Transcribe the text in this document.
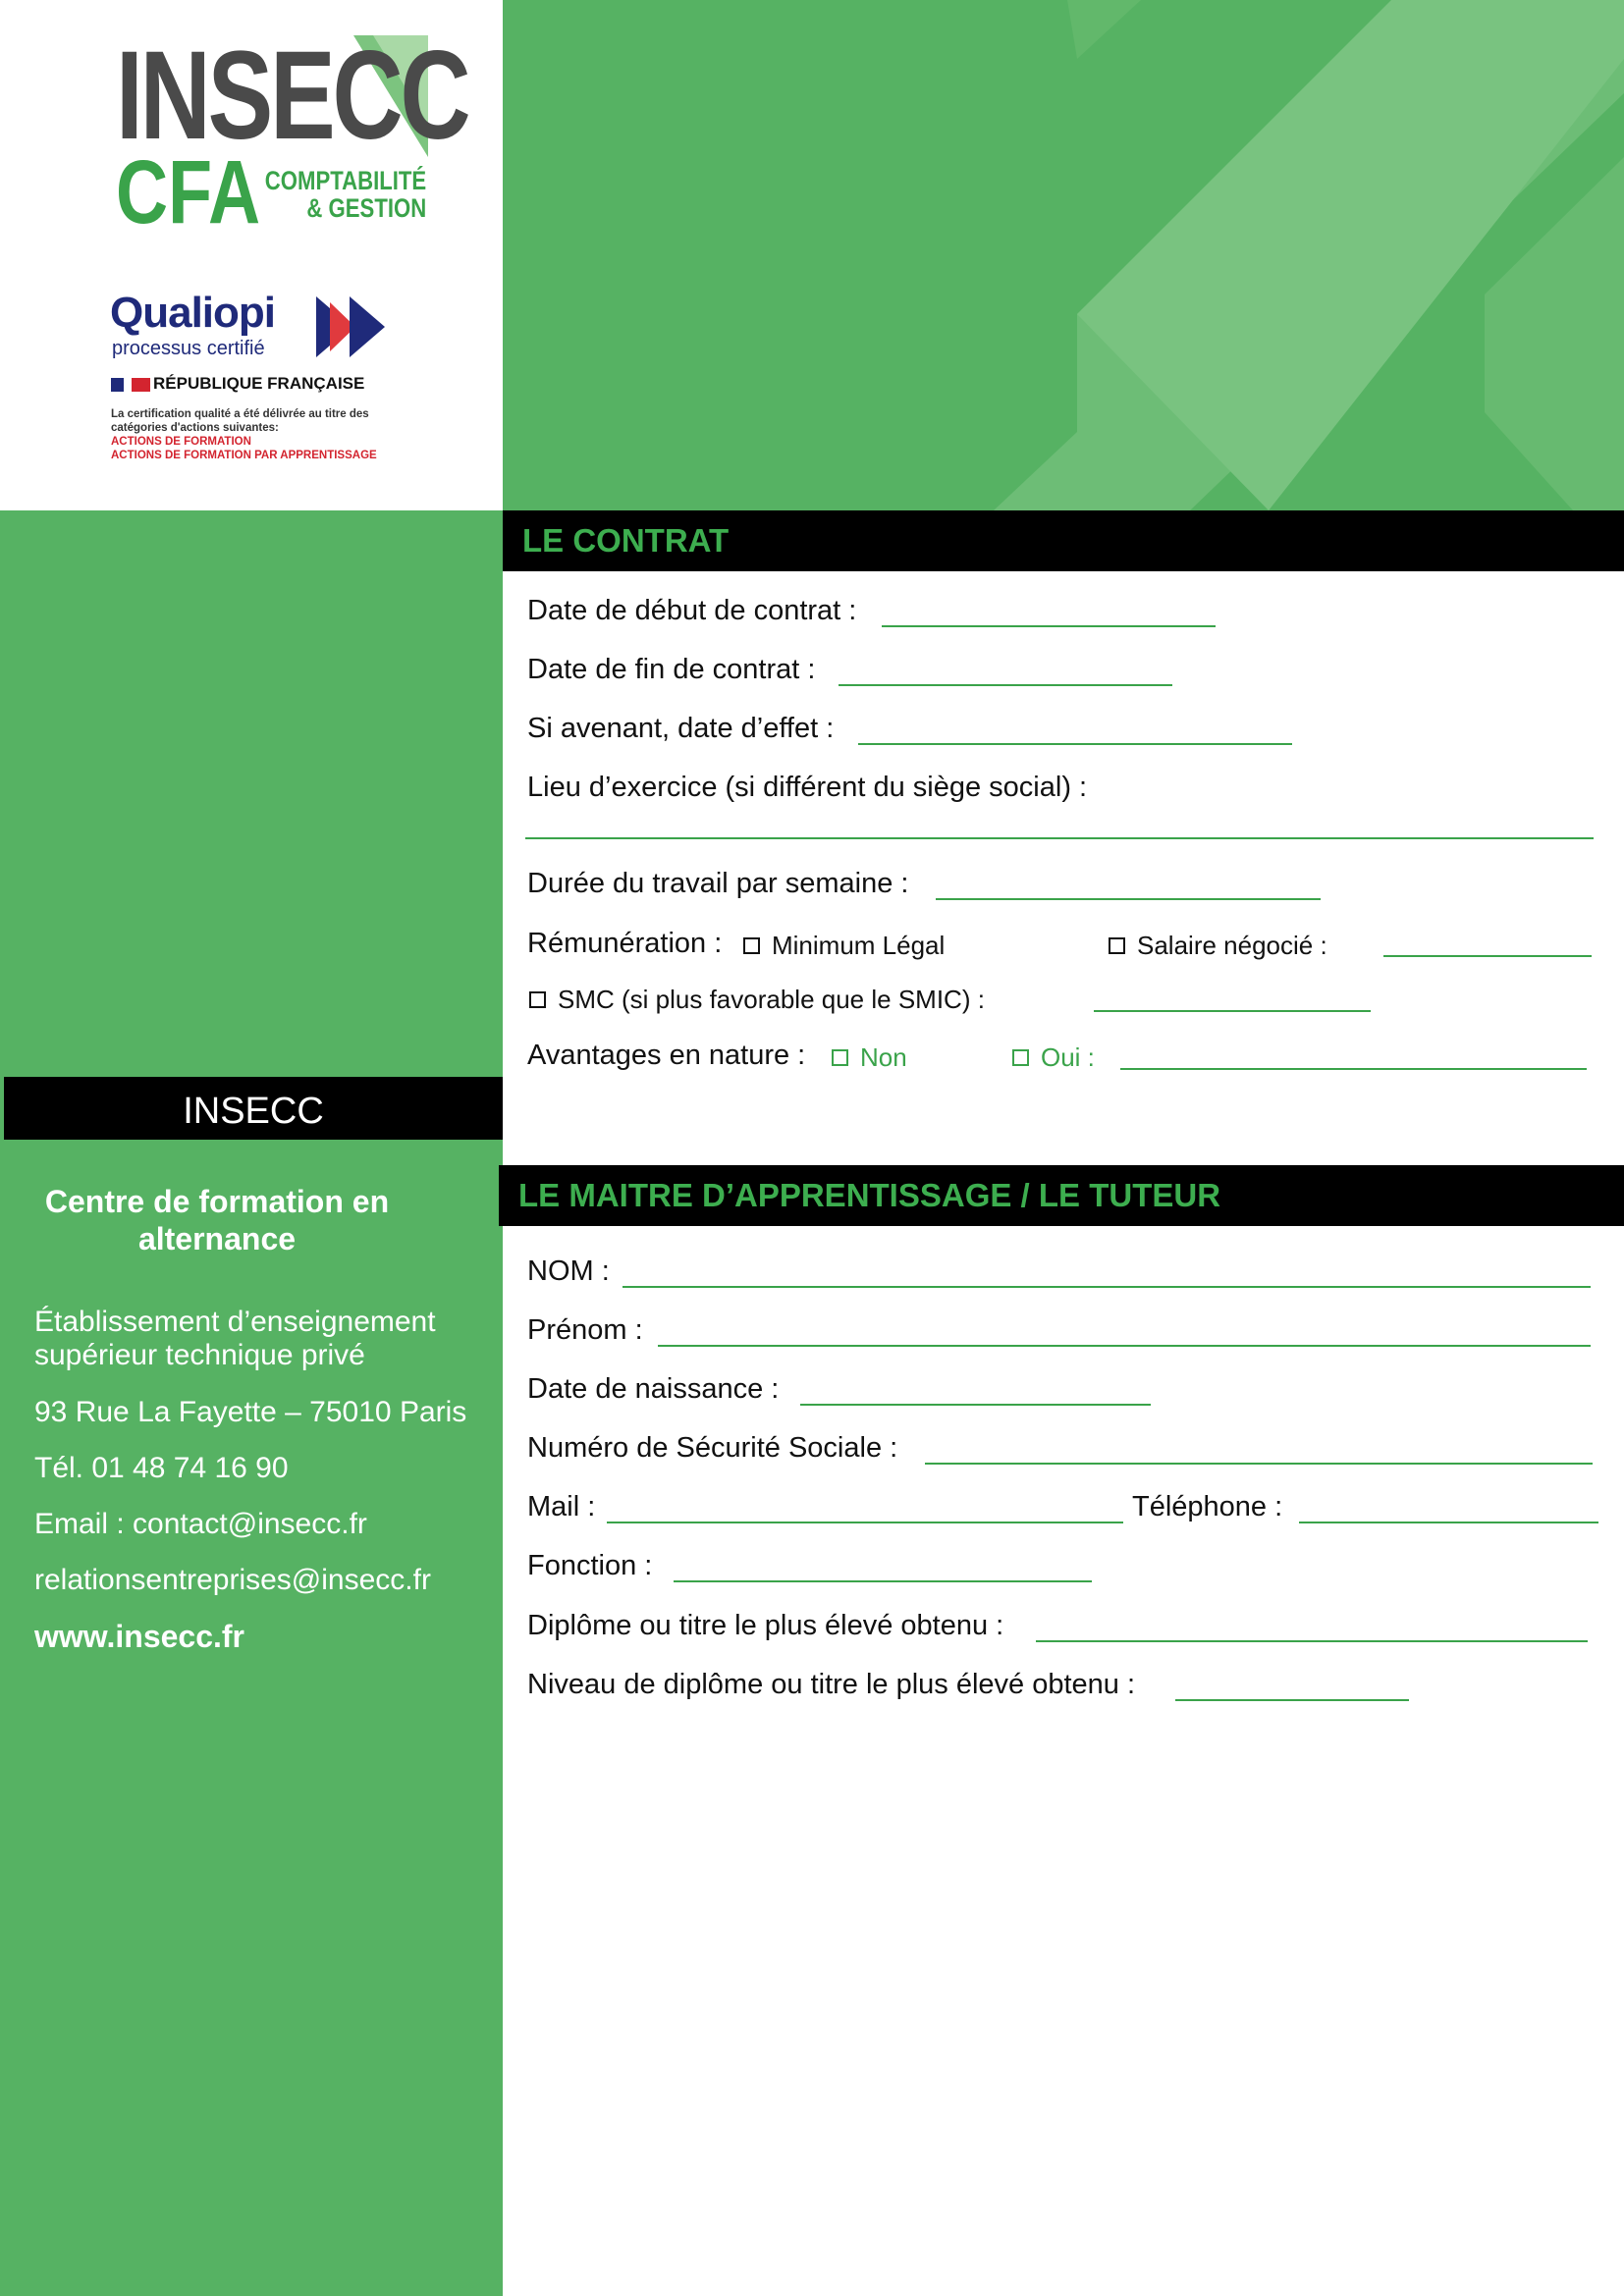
INSECC
CFA COMPTABILITÉ
& GESTION
Qualiopi
processus certifié
RÉPUBLIQUE FRANÇAISE
La certification qualité a été délivrée au titre des
catégories d'actions suivantes:
ACTIONS DE FORMATION
ACTIONS DE FORMATION PAR APPRENTISSAGE
INSECC
Centre de formation en alternance
Établissement d’enseignement
supérieur technique privé
93 Rue La Fayette – 75010 Paris
Tél. 01 48 74 16 90
Email : contact@insecc.fr
relationsentreprises@insecc.fr
www.insecc.fr
LE CONTRAT
Date de début de contrat :
Date de fin de contrat :
Si avenant, date d’effet :
Lieu d’exercice (si différent du siège social) :
Durée du travail par semaine :
Rémunération : Minimum Légal	Salaire négocié :
SMC (si plus favorable que le SMIC) :
Avantages en nature : Non	Oui :
LE MAITRE D’APPRENTISSAGE / LE TUTEUR
NOM :
Prénom :
Date de naissance :
Numéro de Sécurité Sociale :
Mail :	Téléphone :
Fonction :
Diplôme ou titre le plus élevé obtenu :
Niveau de diplôme ou titre le plus élevé obtenu :
